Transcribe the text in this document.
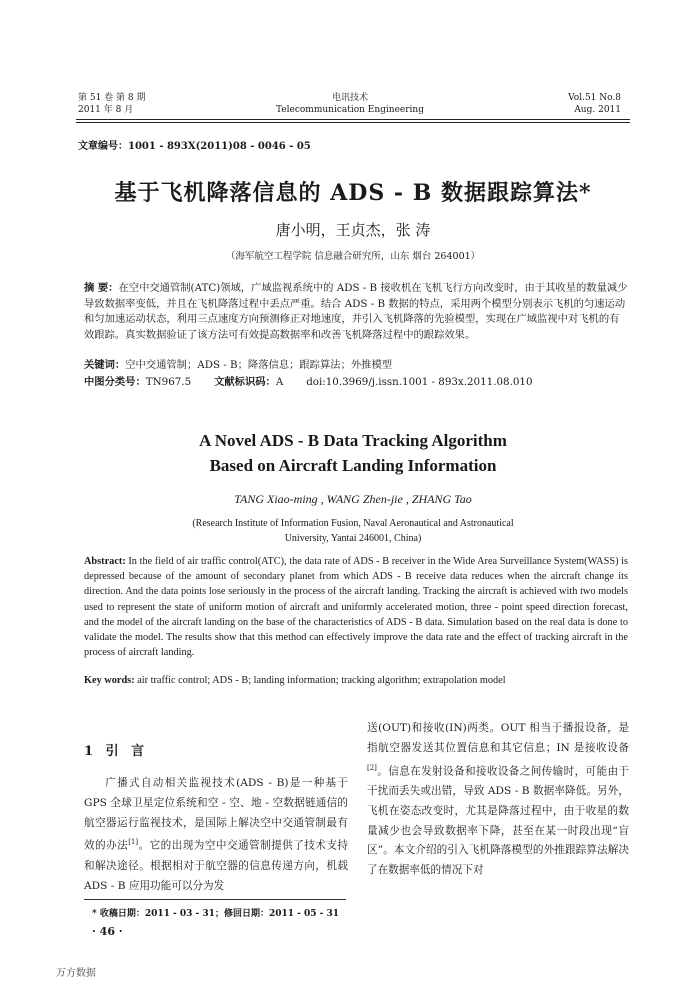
第 51 卷 第 8 期
2011 年 8 月
电讯技术
Telecommunication Engineering
Vol.51 No.8
Aug. 2011
文章编号：1001 - 893X(2011)08 - 0046 - 05
基于飞机降落信息的 ADS - B 数据跟踪算法*
唐小明，王贞杰，张 涛
（海军航空工程学院 信息融合研究所，山东 烟台 264001）
摘 要：在空中交通管制(ATC)领域，广域监视系统中的 ADS - B 接收机在飞机飞行方向改变时，由于其收星的数量减少导致数据率变低，并且在飞机降落过程中丢点严重。结合 ADS - B 数据的特点，采用两个模型分别表示飞机的匀速运动和匀加速运动状态，利用三点速度方向预测修正对地速度，并引入飞机降落的先验模型，实现在广域监视中对飞机的有效跟踪。真实数据验证了该方法可有效提高数据率和改善飞机降落过程中的跟踪效果。
关键词：空中交通管制；ADS - B；降落信息；跟踪算法；外推模型
中图分类号：TN967.5 文献标识码：A doi:10.3969/j.issn.1001 - 893x.2011.08.010
A Novel ADS - B Data Tracking Algorithm
Based on Aircraft Landing Information
TANG Xiao-ming , WANG Zhen-jie , ZHANG Tao
(Research Institute of Information Fusion, Naval Aeronautical and Astronautical
University, Yantai 246001, China)
Abstract: In the field of air traffic control(ATC), the data rate of ADS - B receiver in the Wide Area Surveillance System(WASS) is depressed because of the amount of secondary planet from which ADS - B receive data reduces when the aircraft change its direction. And the data points lose seriously in the process of the aircraft landing. Tracking the aircraft is achieved with two models used to represent the state of uniform motion of aircraft and uniformly accelerated motion, three - point speed direction forecast, and the model of the aircraft landing on the base of the characteristics of ADS - B data. Simulation based on the real data is done to validate the model. The results show that this method can effectively improve the data rate and the effect of tracking aircraft in the process of aircraft landing.
Key words: air traffic control; ADS - B; landing information; tracking algorithm; extrapolation model
1 引 言
广播式自动相关监视技术(ADS - B)是一种基于 GPS 全球卫星定位系统和空 - 空、地 - 空数据链通信的航空器运行监视技术，是国际上解决空中交通管制最有效的办法[1]。它的出现为空中交通管制提供了技术支持和解决途径。根据相对于航空器的信息传递方向，机载 ADS - B 应用功能可以分为发
送(OUT)和接收(IN)两类。OUT 相当于播报设备，是指航空器发送其位置信息和其它信息；IN 是接收设备[2]。信息在发射设备和接收设备之间传输时，可能由于干扰而丢失或出错，导致 ADS - B 数据率降低。另外，飞机在姿态改变时，尤其是降落过程中，由于收星的数量减少也会导致数据率下降，甚至在某一时段出现“盲区”。本文介绍的引入飞机降落模型的外推跟踪算法解决了在数据率低的情况下对
* 收稿日期：2011 - 03 - 31；修回日期：2011 - 05 - 31
· 46 ·
万方数据
